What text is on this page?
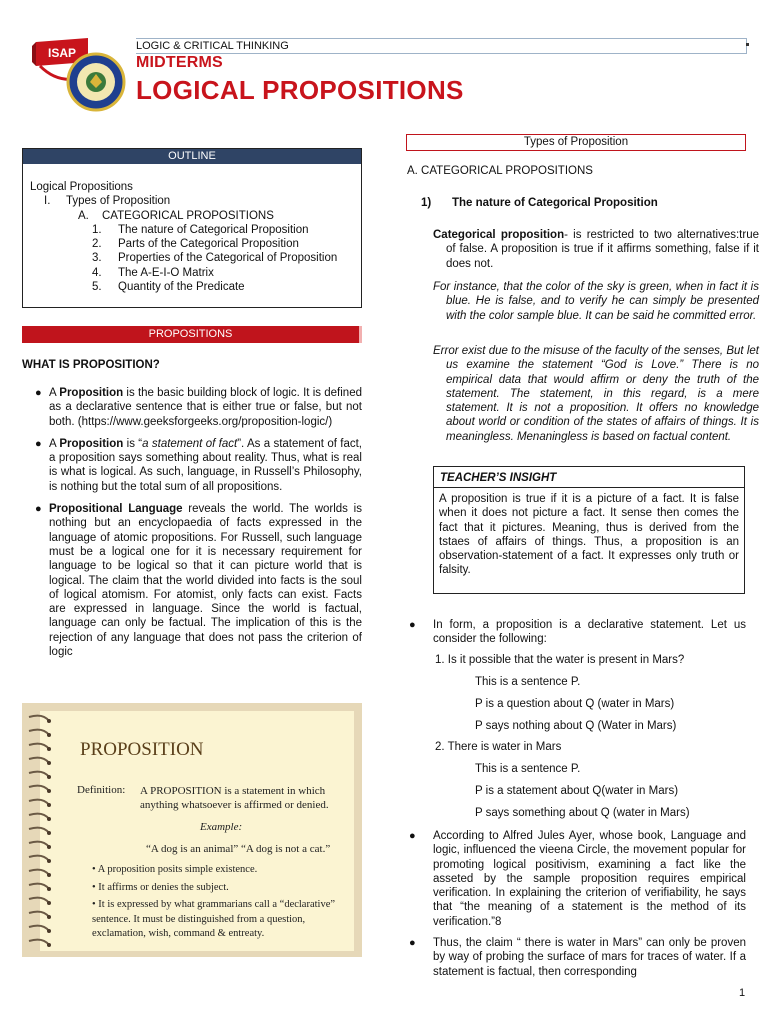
ISAP	LOGIC & CRITICAL THINKING
MIDTERMS
LOGICAL PROPOSITIONS
OUTLINE
Logical Propositions
I. Types of Proposition
A. CATEGORICAL PROPOSITIONS
1. The nature of Categorical Proposition
2. Parts of the Categorical Proposition
3. Properties of the Categorical of Proposition
4. The A-E-I-O Matrix
5. Quantity of the Predicate
PROPOSITIONS
WHAT IS PROPOSITION?
● A Proposition is the basic building block of logic. It is defined as a declarative sentence that is either true or false, but not both. (https://www.geeksforgeeks.org/proposition-logic/)
● A Proposition is “a statement of fact”. As a statement of fact, a proposition says something about reality. Thus, what is real is what is logical. As such, language, in Russell’s Philosophy, is nothing but the total sum of all propositions.
● Propositional Language reveals the world. The worlds is nothing but an encyclopaedia of facts expressed in the language of atomic propositions. For Russell, such language must be a logical one for it is necessary requirement for language to be logical so that it can picture world that is logical. The claim that the world divided into facts is the soul of logical atomism. For atomist, only facts can exist. Facts are expressed in language. Since the world is factual, language can only be factual. The implication of this is the rejection of any language that does not pass the criterion of logic
PROPOSITION
Definition: A PROPOSITION is a statement in which anything whatsoever is affirmed or denied.
Example:
“A dog is an animal” “A dog is not a cat.”
• A proposition posits simple existence.
• It affirms or denies the subject.
• It is expressed by what grammarians call a “declarative” sentence. It must be distinguished from a question, exclamation, wish, command & entreaty.
Types of Proposition
A. CATEGORICAL PROPOSITIONS
1) The nature of Categorical Proposition
Categorical proposition- is restricted to two alternatives:true of false. A proposition is true if it affirms something, false if it does not.
For instance, that the color of the sky is green, when in fact it is blue. He is false, and to verify he can simply be presented with the color sample blue. It can be said he committed error.
Error exist due to the misuse of the faculty of the senses, But let us examine the statement “God is Love.” There is no empirical data that would affirm or deny the truth of the statement. The statement, in this regard, is a mere statement. It is not a proposition. It offers no knowledge about world or condition of the states of affairs of things. It is meaningless. Menaningless is based on factual content.
TEACHER’S INSIGHT
A proposition is true if it is a picture of a fact. It is false when it does not picture a fact. It sense then comes the fact that it pictures. Meaning, thus is derived from the tstaes of affairs of things. Thus, a proposition is an observation-statement of a fact. It expresses only truth or falsity.
● In form, a proposition is a declarative statement. Let us consider the following:
1. Is it possible that the water is present in Mars?
This is a sentence P.
P is a question about Q (water in Mars)
P says nothing about Q (Water in Mars)
2. There is water in Mars
This is a sentence P.
P is a statement about Q(water in Mars)
P says something about Q (water in Mars)
● According to Alfred Jules Ayer, whose book, Language and logic, influenced the vieena Circle, the movement popular for promoting logical positivism, examining a fact like the asseted by the sample proposition requires empirical verification. In explaining the criterion of verifiability, he says that “the meaning of a statement is the method of its verification.”8
● Thus, the claim “ there is water in Mars” can only be proven by way of probing the surface of mars for traces of water. If a statement is factual, then corresponding
1
